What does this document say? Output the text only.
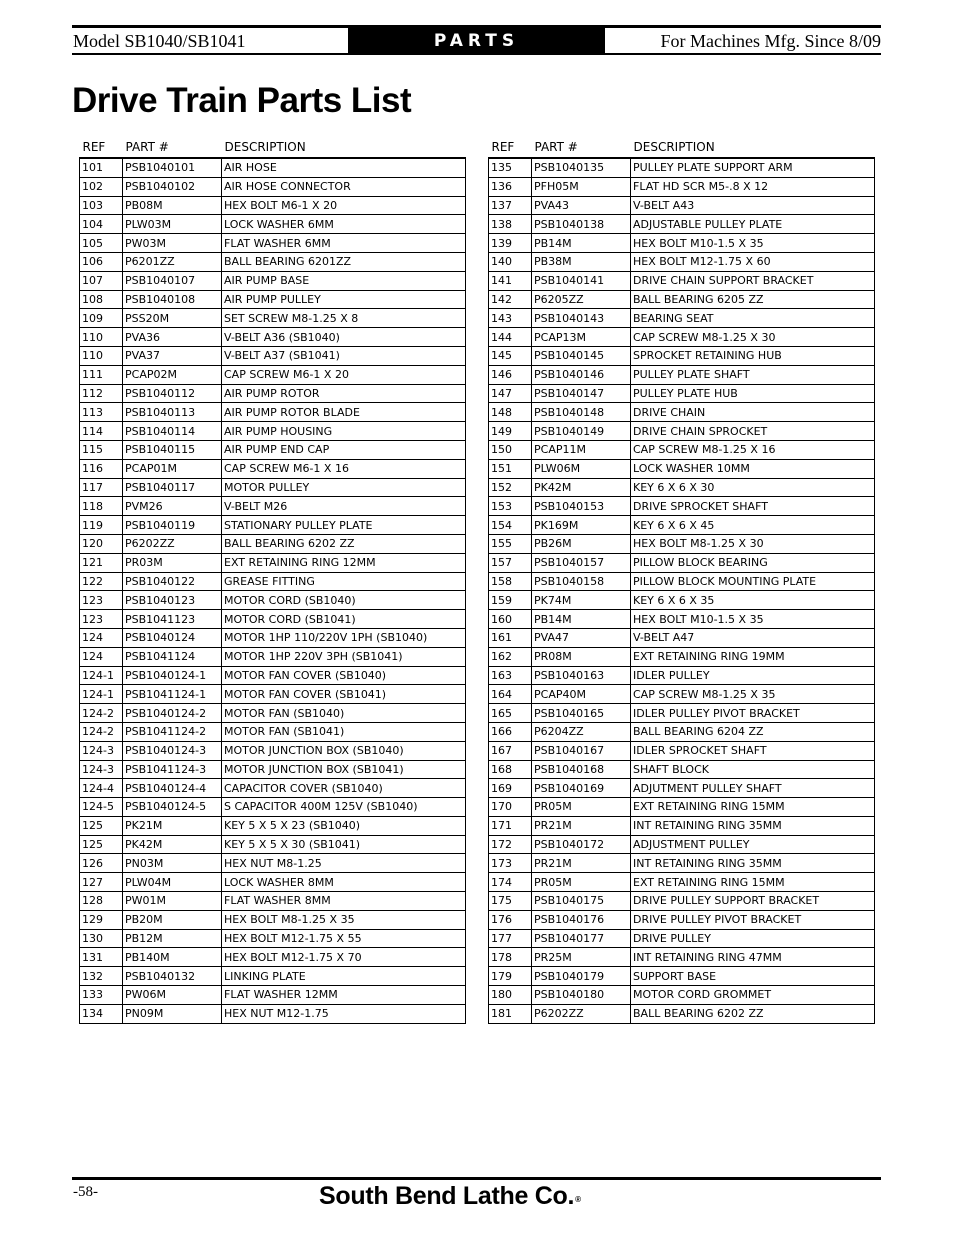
Model SB1040/SB1041	PARTS	For Machines Mfg. Since 8/09
Drive Train Parts List
REF	PART #	DESCRIPTION
101	PSB1040101	AIR HOSE
102	PSB1040102	AIR HOSE CONNECTOR
103	PB08M	HEX BOLT M6-1 X 20
104	PLW03M	LOCK WASHER 6MM
105	PW03M	FLAT WASHER 6MM
106	P6201ZZ	BALL BEARING 6201ZZ
107	PSB1040107	AIR PUMP BASE
108	PSB1040108	AIR PUMP PULLEY
109	PSS20M	SET SCREW M8-1.25 X 8
110	PVA36	V-BELT A36 (SB1040)
110	PVA37	V-BELT A37 (SB1041)
111	PCAP02M	CAP SCREW M6-1 X 20
112	PSB1040112	AIR PUMP ROTOR
113	PSB1040113	AIR PUMP ROTOR BLADE
114	PSB1040114	AIR PUMP HOUSING
115	PSB1040115	AIR PUMP END CAP
116	PCAP01M	CAP SCREW M6-1 X 16
117	PSB1040117	MOTOR PULLEY
118	PVM26	V-BELT M26
119	PSB1040119	STATIONARY PULLEY PLATE
120	P6202ZZ	BALL BEARING 6202 ZZ
121	PR03M	EXT RETAINING RING 12MM
122	PSB1040122	GREASE FITTING
123	PSB1040123	MOTOR CORD (SB1040)
123	PSB1041123	MOTOR CORD (SB1041)
124	PSB1040124	MOTOR 1HP 110/220V 1PH (SB1040)
124	PSB1041124	MOTOR 1HP 220V 3PH (SB1041)
124-1	PSB1040124-1	MOTOR FAN COVER (SB1040)
124-1	PSB1041124-1	MOTOR FAN COVER (SB1041)
124-2	PSB1040124-2	MOTOR FAN (SB1040)
124-2	PSB1041124-2	MOTOR FAN (SB1041)
124-3	PSB1040124-3	MOTOR JUNCTION BOX (SB1040)
124-3	PSB1041124-3	MOTOR JUNCTION BOX (SB1041)
124-4	PSB1040124-4	CAPACITOR COVER (SB1040)
124-5	PSB1040124-5	S CAPACITOR 400M 125V (SB1040)
125	PK21M	KEY 5 X 5 X 23 (SB1040)
125	PK42M	KEY 5 X 5 X 30 (SB1041)
126	PN03M	HEX NUT M8-1.25
127	PLW04M	LOCK WASHER 8MM
128	PW01M	FLAT WASHER 8MM
129	PB20M	HEX BOLT M8-1.25 X 35
130	PB12M	HEX BOLT M12-1.75 X 55
131	PB140M	HEX BOLT M12-1.75 X 70
132	PSB1040132	LINKING PLATE
133	PW06M	FLAT WASHER 12MM
134	PN09M	HEX NUT M12-1.75
REF	PART #	DESCRIPTION
135	PSB1040135	PULLEY PLATE SUPPORT ARM
136	PFH05M	FLAT HD SCR M5-.8 X 12
137	PVA43	V-BELT A43
138	PSB1040138	ADJUSTABLE PULLEY PLATE
139	PB14M	HEX BOLT M10-1.5 X 35
140	PB38M	HEX BOLT M12-1.75 X 60
141	PSB1040141	DRIVE CHAIN SUPPORT BRACKET
142	P6205ZZ	BALL BEARING 6205 ZZ
143	PSB1040143	BEARING SEAT
144	PCAP13M	CAP SCREW M8-1.25 X 30
145	PSB1040145	SPROCKET RETAINING HUB
146	PSB1040146	PULLEY PLATE SHAFT
147	PSB1040147	PULLEY PLATE HUB
148	PSB1040148	DRIVE CHAIN
149	PSB1040149	DRIVE CHAIN SPROCKET
150	PCAP11M	CAP SCREW M8-1.25 X 16
151	PLW06M	LOCK WASHER 10MM
152	PK42M	KEY 6 X 6 X 30
153	PSB1040153	DRIVE SPROCKET SHAFT
154	PK169M	KEY 6 X 6 X 45
155	PB26M	HEX BOLT M8-1.25 X 30
157	PSB1040157	PILLOW BLOCK BEARING
158	PSB1040158	PILLOW BLOCK MOUNTING PLATE
159	PK74M	KEY 6 X 6 X 35
160	PB14M	HEX BOLT M10-1.5 X 35
161	PVA47	V-BELT A47
162	PR08M	EXT RETAINING RING 19MM
163	PSB1040163	IDLER PULLEY
164	PCAP40M	CAP SCREW M8-1.25 X 35
165	PSB1040165	IDLER PULLEY PIVOT BRACKET
166	P6204ZZ	BALL BEARING 6204 ZZ
167	PSB1040167	IDLER SPROCKET SHAFT
168	PSB1040168	SHAFT BLOCK
169	PSB1040169	ADJUTMENT PULLEY SHAFT
170	PR05M	EXT RETAINING RING 15MM
171	PR21M	INT RETAINING RING 35MM
172	PSB1040172	ADJUSTMENT PULLEY
173	PR21M	INT RETAINING RING 35MM
174	PR05M	EXT RETAINING RING 15MM
175	PSB1040175	DRIVE PULLEY SUPPORT BRACKET
176	PSB1040176	DRIVE PULLEY PIVOT BRACKET
177	PSB1040177	DRIVE PULLEY
178	PR25M	INT RETAINING RING 47MM
179	PSB1040179	SUPPORT BASE
180	PSB1040180	MOTOR CORD GROMMET
181	P6202ZZ	BALL BEARING 6202 ZZ
-58-	South Bend Lathe Co.®
